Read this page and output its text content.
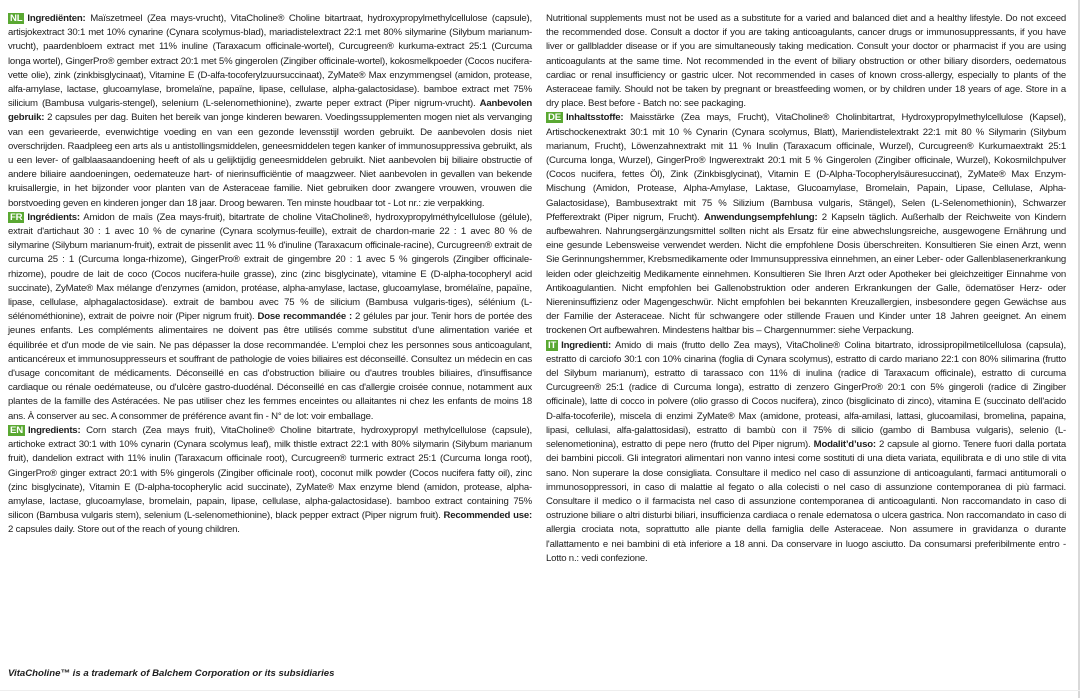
NL Ingrediënten: Maïszetmeel (Zea mays-vrucht), VitaCholine® Choline bitartraat, hydroxypropylmethylcellulose (capsule), artisjokextract 30:1 met 10% cynarine (Cynara scolymus-blad), mariadistelextract 22:1 met 80% silymarine (Silybum marianum-vrucht), paardenbloem extract met 11% inuline (Taraxacum officinale-wortel), Curcugreen® kurkuma-extract 25:1 (Curcuma longa wortel), GingerPro® gember extract 20:1 met 5% gingerolen (Zingiber officinale-wortel), kokosmelkpoeder (Cocos nucifera-vette olie), zink (zinkbisglycinaat), Vitamine E (D-alfa-tocoferylzuursuccinaat), ZyMate® Max enzymmengsel (amidon, protease, alfa-amylase, lactase, glucoamylase, bromelaïne, papaïne, lipase, cellulase, alpha-galactosidase). bamboe extract met 75% silicium (Bambusa vulgaris-stengel), selenium (L-selenomethionine), zwarte peper extract (Piper nigrum-vrucht). Aanbevolen gebruik: 2 capsules per dag. Buiten het bereik van jonge kinderen bewaren. Voedingssupplementen mogen niet als vervanging van een gevarieerde, evenwichtige voeding en van een gezonde levensstijl worden gebruikt. De aanbevolen dosis niet overschrijden. Raadpleeg een arts als u antistollingsmiddelen, geneesmiddelen tegen kanker of immunosuppressiva gebruikt, als u een lever- of galblaasaandoening heeft of als u gelijktijdig geneesmiddelen gebruikt. Niet aanbevolen bij biliaire obstructie of andere biliaire aandoeningen, oedemateuze hart- of nierinsufficiëntie of maagzweer. Niet aanbevolen in gevallen van bekende kruisallergie, in het bijzonder voor planten van de Asteraceae familie. Niet gebruiken door zwangere vrouwen, vrouwen die borstvoeding geven en kinderen jonger dan 18 jaar. Droog bewaren. Ten minste houdbaar tot - Lot nr.: zie verpakking.

FR Ingrédients: Amidon de maïs (Zea mays-fruit), bitartrate de choline VitaCholine®, hydroxypropylméthylcellulose (gélule), extrait d'artichaut 30 : 1 avec 10 % de cynarine (Cynara scolymus-feuille), extrait de chardon-marie 22 : 1 avec 80 % de silymarine (Silybum marianum-fruit), extrait de pissenlit avec 11 % d'inuline (Taraxacum officinale-racine), Curcugreen® extrait de curcuma 25 : 1 (Curcuma longa-rhizome), GingerPro® extrait de gingembre 20 : 1 avec 5 % gingerols (Zingiber officinale-rhizome), poudre de lait de coco (Cocos nucifera-huile grasse), zinc (zinc bisglycinate), vitamine E (D-alpha-tocopheryl acid succinate), ZyMate® Max mélange d'enzymes (amidon, protéase, alpha-amylase, lactase, glucoamylase, bromélaïne, papaïne, lipase, cellulase, alphagalactosidase). extrait de bambou avec 75 % de silicium (Bambusa vulgaris-tiges), sélénium (L-sélénométhionine), extrait de poivre noir (Piper nigrum fruit). Dose recommandée : 2 gélules par jour. Tenir hors de portée des jeunes enfants. Les compléments alimentaires ne doivent pas être utilisés comme substitut d'une alimentation variée et équilibrée et d'un mode de vie sain. Ne pas dépasser la dose recommandée. L'emploi chez les personnes sous anticoagulant, anticancéreux et immunosuppresseurs et souffrant de pathologie de voies biliaires est déconseillé. Consultez un médecin en cas d'usage concomitant de médicaments. Déconseillé en cas d'obstruction biliaire ou d'autres troubles biliaires, d'insuffisance cardiaque ou rénale oedémateuse, ou d'ulcère gastro-duodénal. Déconseillé en cas d'allergie croisée connue, notamment aux plantes de la famille des Astéracées. Ne pas utiliser chez les femmes enceintes ou allaitantes ni chez les enfants de moins 18 ans. À conserver au sec. A consommer de préférence avant fin - N° de lot: voir emballage.

EN Ingredients: Corn starch (Zea mays fruit), VitaCholine® Choline bitartrate, hydroxypropyl methylcellulose (capsule), artichoke extract 30:1 with 10% cynarin (Cynara scolymus leaf), milk thistle extract 22:1 with 80% silymarin (Silybum marianum fruit), dandelion extract with 11% inulin (Taraxacum officinale root), Curcugreen® turmeric extract 25:1 (Curcuma longa root), GingerPro® ginger extract 20:1 with 5% gingerols (Zingiber officinale root), coconut milk powder (Cocos nucifera fatty oil), zinc (zinc bisglycinate), Vitamin E (D-alpha-tocopherylic acid succinate), ZyMate® Max enzyme blend (amidon, protease, alpha-amylase, lactase, glucoamylase, bromelain, papain, lipase, cellulase, alpha-galactosidase). bamboo extract containing 75% silicon (Bambusa vulgaris stem), selenium (L-selenomethionine), black pepper extract (Piper nigrum fruit). Recommended use: 2 capsules daily. Store out of the reach of young children.

Nutritional supplements must not be used as a substitute for a varied and balanced diet and a healthy lifestyle. Do not exceed the recommended dose. Consult a doctor if you are taking anticoagulants, cancer drugs or immunosuppressants, if you have liver or gallbladder disease or if you are simultaneously taking medication. Consult your doctor or pharmacist if you are using anticoagulants at the same time. Not recommended in the event of biliary obstruction or other biliary disorders, oedematous cardiac or renal insufficiency or gastric ulcer. Not recommended in cases of known cross-allergy, especially to plants of the Asteraceae family. Should not be taken by pregnant or breastfeeding women, or by children under 18 years of age. Store in a dry place. Best before - Batch no: see packaging.

DE Inhaltsstoffe: Maisstärke (Zea mays, Frucht), VitaCholine® Cholinbitartrat, Hydroxypropylmethylcellulose (Kapsel), Artischockenextrakt 30:1 mit 10 % Cynarin (Cynara scolymus, Blatt), Mariendistelextrakt 22:1 mit 80 % Silymarin (Silybum marianum, Frucht), Löwenzahnextrakt mit 11 % Inulin (Taraxacum officinale, Wurzel), Curcugreen® Kurkumaextrakt 25:1 (Curcuma longa, Wurzel), GingerPro® Ingwerextrakt 20:1 mit 5 % Gingerolen (Zingiber officinale, Wurzel), Kokosmilchpulver (Cocos nucifera, fettes Öl), Zink (Zinkbisglycinat), Vitamin E (D-Alpha-Tocopherylsäuresuccinat), ZyMate® Max Enzym-Mischung (Amidon, Protease, Alpha-Amylase, Laktase, Glucoamylase, Bromelain, Papain, Lipase, Cellulase, Alpha-Galactosidase), Bambusextrakt mit 75 % Silizium (Bambusa vulgaris, Stängel), Selen (L-Selenomethionin), Schwarzer Pfefferextrakt (Piper nigrum, Frucht). Anwendungsempfehlung: 2 Kapseln täglich. Außerhalb der Reichweite von Kindern aufbewahren. Nahrungsergänzungsmittel sollten nicht als Ersatz für eine abwechslungsreiche, ausgewogene Ernährung und eine gesunde Lebensweise verwendet werden. Nicht die empfohlene Dosis überschreiten. Konsultieren Sie einen Arzt, wenn Sie Gerinnungshemmer, Krebsmedikamente oder Immunsuppressiva einnehmen, an einer Leber- oder Gallenblasenerkrankung leiden oder gleichzeitig Medikamente einnehmen. Konsultieren Sie Ihren Arzt oder Apotheker bei gleichzeitiger Einnahme von Antikoagulantien. Nicht empfohlen bei Gallenobstruktion oder anderen Erkrankungen der Galle, ödematöser Herz- oder Niereninsuffizienz oder Magengeschwür. Nicht empfohlen bei bekannten Kreuzallergien, insbesondere gegen Gewächse aus der Familie der Asteraceae. Nicht für schwangere oder stillende Frauen und Kinder unter 18 Jahren geeignet. An einem trockenen Ort aufbewahren. Mindestens haltbar bis – Chargennummer: siehe Verpackung.

IT Ingredienti: Amido di mais (frutto dello Zea mays), VitaCholine® Colina bitartrato, idrossipropilmetilcellulosa (capsula), estratto di carciofo 30:1 con 10% cinarina (foglia di Cynara scolymus), estratto di cardo mariano 22:1 con 80% silimarina (frutto del Silybum marianum), estratto di tarassaco con 11% di inulina (radice di Taraxacum officinale), estratto di curcuma Curcugreen® 25:1 (radice di Curcuma longa), estratto di zenzero GingerPro® 20:1 con 5% gingeroli (radice di Zingiber officinale), latte di cocco in polvere (olio grasso di Cocos nucifera), zinco (bisglicinato di zinco), vitamina E (succinato dell'acido D-alfa-tocoferile), miscela di enzimi ZyMate® Max (amidone, proteasi, alfa-amilasi, lattasi, glucoamilasi, bromelina, papaina, lipasi, cellulasi, alfa-galattosidasi), estratto di bambù con il 75% di silicio (gambo di Bambusa vulgaris), selenio (L-selenometionina), estratto di pepe nero (frutto del Piper nigrum). Modalit’d’uso: 2 capsule al giorno. Tenere fuori dalla portata dei bambini piccoli. Gli integratori alimentari non vanno intesi come sostituti di una dieta variata, equilibrata e di uno stile di vita sano. Non superare la dose consigliata. Consultare il medico nel caso di assunzione di anticoagulanti, farmaci antitumorali o immunosoppressori, in caso di malattie al fegato o alla colecisti o nel caso di assunzione contemporanea di più farmaci. Consultare il medico o il farmacista nel caso di assunzione contemporanea di anticoagulanti. Non raccomandato in caso di ostruzione biliare o altri disturbi biliari, insufficienza cardiaca o renale edematosa o ulcera gastrica. Non raccomandato in caso di allergia crociata nota, soprattutto alle piante della famiglia delle Asteraceae. Non assumere in gravidanza o durante l'allattamento e nei bambini di età inferiore a 18 anni. Da conservare in luogo asciutto. Da consumarsi preferibilmente entro - Lotto n.: vedi confezione.

VitaCholine™ is a trademark of Balchem Corporation or its subsidiaries
